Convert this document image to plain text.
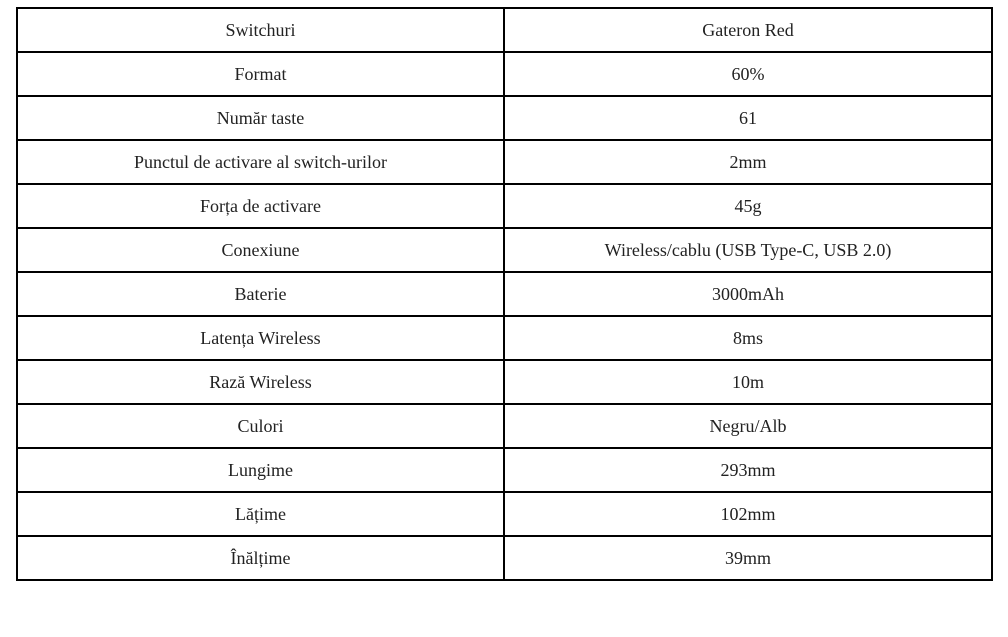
Switchuri	Gateron Red
Format	60%
Număr taste	61
Punctul de activare al switch-urilor	2mm
Forța de activare	45g
Conexiune	Wireless/cablu (USB Type-C, USB 2.0)
Baterie	3000mAh
Latența Wireless	8ms
Rază Wireless	10m
Culori	Negru/Alb
Lungime	293mm
Lățime	102mm
Înălțime	39mm
